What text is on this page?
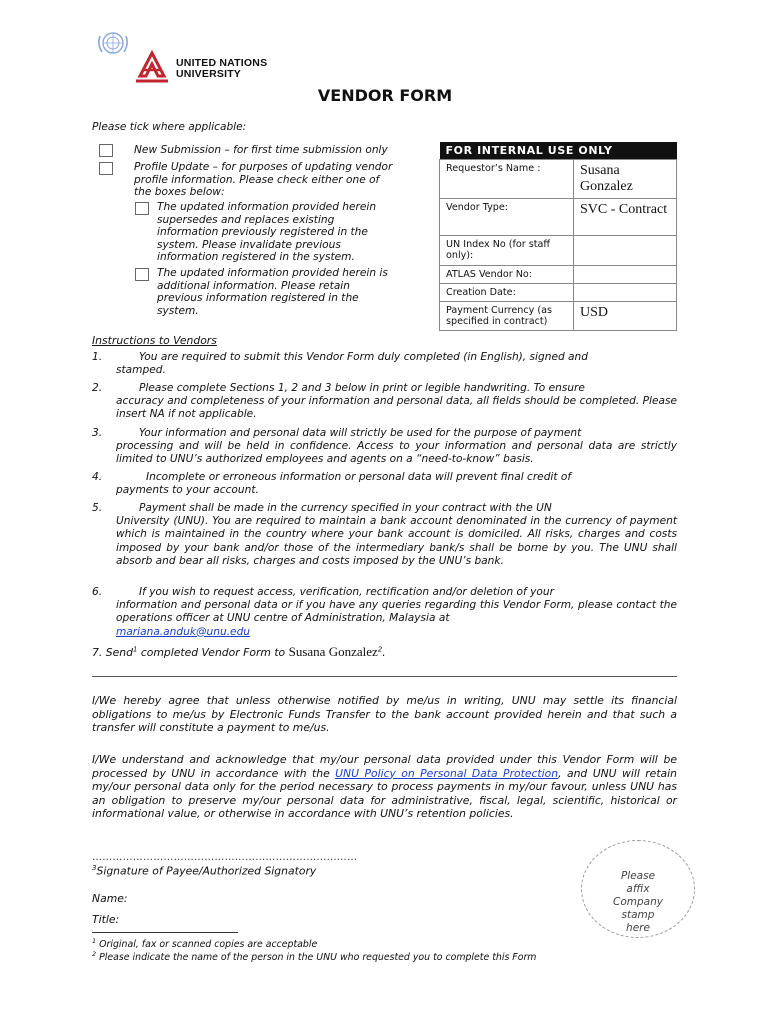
UNITED NATIONS
UNIVERSITY
VENDOR FORM
Please tick where applicable:
New Submission – for first time submission only
Profile Update – for purposes of updating vendor
profile information. Please check either one of
the boxes below:
The updated information provided herein
supersedes and replaces existing
information previously registered in the
system. Please invalidate previous
information registered in the system.
The updated information provided herein is
additional information. Please retain
previous information registered in the
system.
FOR INTERNAL USE ONLY	
Requestor’s Name :	Susana Gonzalez
Vendor Type:	SVC - Contract
UN Index No (for staff only):	
ATLAS Vendor No:	
Creation Date:	
Payment Currency (as specified in contract)	USD
Instructions to Vendors
1.	You are required to submit this Vendor Form duly completed (in English), signed and
stamped.
2.	Please complete Sections 1, 2 and 3 below in print or legible handwriting. To ensure
accuracy and completeness of your information and personal data, all fields should be completed. Please insert NA if not applicable.
3.	Your information and personal data will strictly be used for the purpose of payment
processing and will be held in confidence. Access to your information and personal data are strictly limited to UNU’s authorized employees and agents on a “need-to-know” basis.
4.	Incomplete or erroneous information or personal data will prevent final credit of
payments to your account.
5.	Payment shall be made in the currency specified in your contract with the UN
University (UNU). You are required to maintain a bank account denominated in the currency of payment which is maintained in the country where your bank account is domiciled. All risks, charges and costs imposed by your bank and/or those of the intermediary bank/s shall be borne by you. The UNU shall absorb and bear all risks, charges and costs imposed by the UNU’s bank.
6.	If you wish to request access, verification, rectification and/or deletion of your
information and personal data or if you have any queries regarding this Vendor Form, please contact the operations officer at UNU centre of Administration, Malaysia at
mariana.anduk@unu.edu
7. Send$^1$ completed Vendor Form to Susana Gonzalez$^2$.
I/We hereby agree that unless otherwise notified by me/us in writing, UNU may settle its financial obligations to me/us by Electronic Funds Transfer to the bank account provided herein and that such a transfer will constitute a payment to me/us.
I/We understand and acknowledge that my/our personal data provided under this Vendor Form will be processed by UNU in accordance with the UNU Policy on Personal Data Protection, and UNU will retain my/our personal data only for the period necessary to process payments in my/our favour, unless UNU has an obligation to preserve my/our personal data for administrative, fiscal, legal, scientific, historical or informational value, or otherwise in accordance with UNU’s retention policies.
……………………………………………………………………
$^3$Signature of Payee/Authorized Signatory
Name:
Title:
Please
affix
Company
stamp
here
$^1$ Original, fax or scanned copies are acceptable
$^2$ Please indicate the name of the person in the UNU who requested you to complete this Form
